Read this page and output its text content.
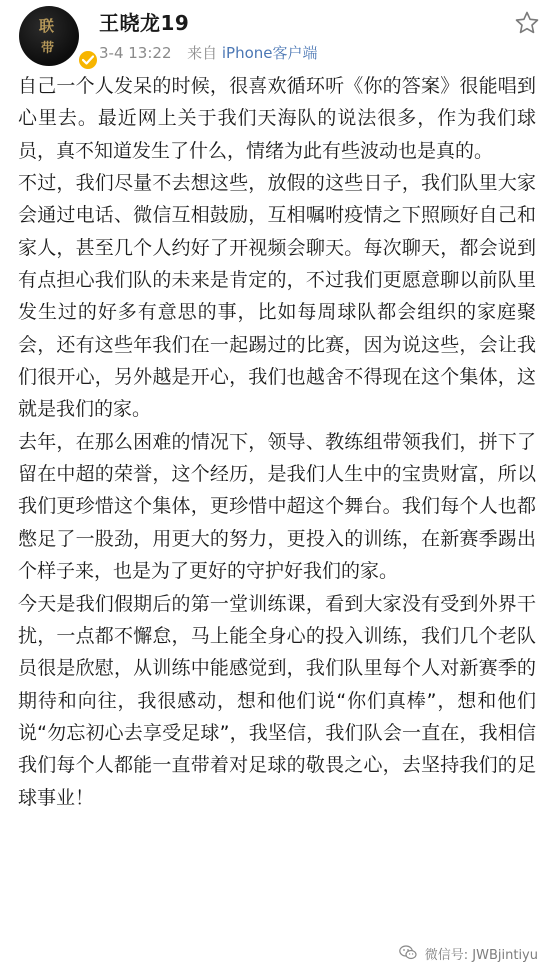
联
带
王晓龙19
3-4 13:22 来自 iPhone客户端

自己一个人发呆的时候，很喜欢循环听《你的答案》很能唱到心里去。最近网上关于我们天海队的说法很多，作为我们球员，真不知道发生了什么，情绪为此有些波动也是真的。

不过，我们尽量不去想这些，放假的这些日子，我们队里大家会通过电话、微信互相鼓励，互相嘱咐疫情之下照顾好自己和家人，甚至几个人约好了开视频会聊天。每次聊天，都会说到有点担心我们队的未来是肯定的，不过我们更愿意聊以前队里发生过的好多有意思的事，比如每周球队都会组织的家庭聚会，还有这些年我们在一起踢过的比赛，因为说这些，会让我们很开心，另外越是开心，我们也越舍不得现在这个集体，这就是我们的家。

去年，在那么困难的情况下，领导、教练组带领我们，拼下了留在中超的荣誉，这个经历，是我们人生中的宝贵财富，所以我们更珍惜这个集体，更珍惜中超这个舞台。我们每个人也都憋足了一股劲，用更大的努力，更投入的训练，在新赛季踢出个样子来，也是为了更好的守护好我们的家。

今天是我们假期后的第一堂训练课，看到大家没有受到外界干扰，一点都不懈怠，马上能全身心的投入训练，我们几个老队员很是欣慰，从训练中能感觉到，我们队里每个人对新赛季的期待和向往，我很感动，想和他们说“你们真棒”，想和他们说“勿忘初心去享受足球”，我坚信，我们队会一直在，我相信我们每个人都能一直带着对足球的敬畏之心，去坚持我们的足球事业！

微信号: JWBjintiyu
